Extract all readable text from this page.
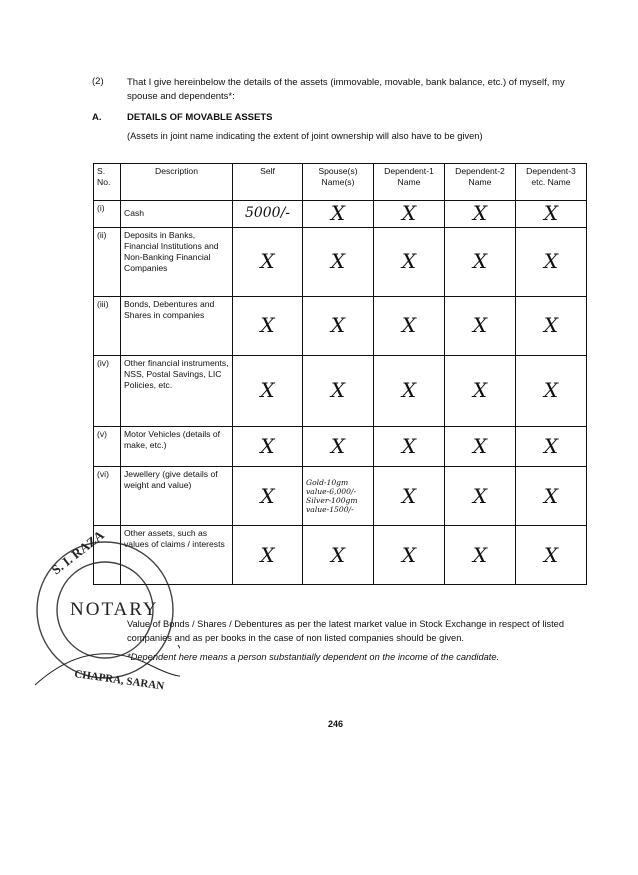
(2) That I give hereinbelow the details of the assets (immovable, movable, bank balance, etc.) of myself, my spouse and dependents*:
A.	DETAILS OF MOVABLE ASSETS
(Assets in joint name indicating the extent of joint ownership will also have to be given)
S. No.	Description	Self	Spouse(s) Name(s)	Dependent-1 Name	Dependent-2 Name	Dependent-3 etc. Name
(i)	Cash	5000/-	X	X	X	X
(ii)	Deposits in Banks, Financial Institutions and Non-Banking Financial Companies	X	X	X	X	X
(iii)	Bonds, Debentures and Shares in companies	X	X	X	X	X
(iv)	Other financial instruments, NSS, Postal Savings, LIC Policies, etc.	X	X	X	X	X
(v)	Motor Vehicles (details of make, etc.)	X	X	X	X	X
(vi)	Jewellery (give details of weight and value)	X	Gold-10gm value-6,000/- Silver-100gm value-1500/-	X	X	X
	Other assets, such as values of claims / interests	X	X	X	X	X
S. I. RAZA
NOTARY
CHAPRA, SARAN
Value of Bonds / Shares / Debentures as per the latest market value in Stock Exchange in respect of listed companies and as per books in the case of non listed companies should be given.
*Dependent here means a person substantially dependent on the income of the candidate.
246
